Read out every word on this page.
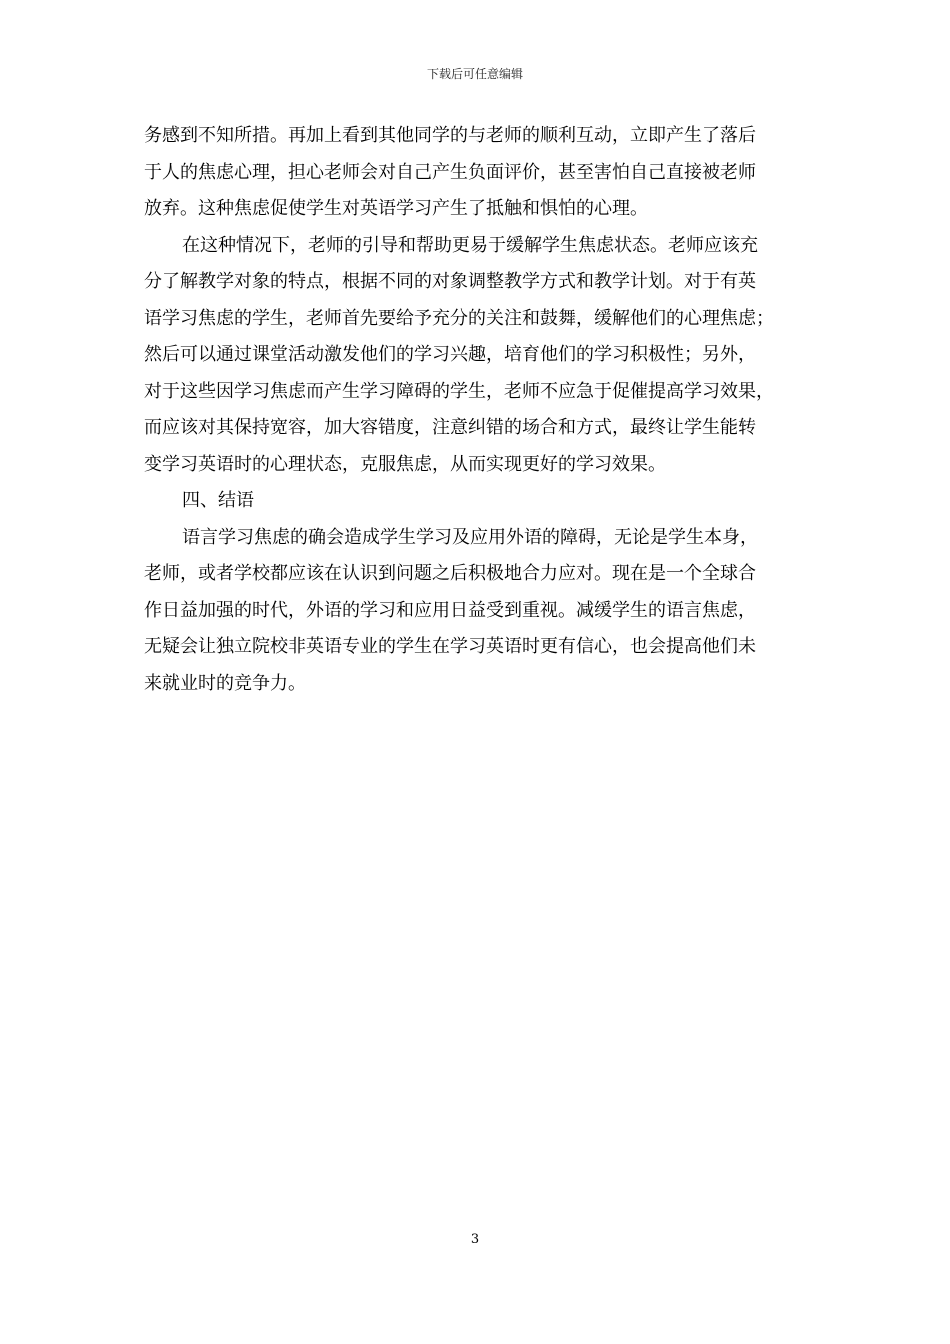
下载后可任意编辑
务感到不知所措。再加上看到其他同学的与老师的顺利互动，立即产生了落后
于人的焦虑心理，担心老师会对自己产生负面评价，甚至害怕自己直接被老师
放弃。这种焦虑促使学生对英语学习产生了抵触和惧怕的心理。
在这种情况下，老师的引导和帮助更易于缓解学生焦虑状态。老师应该充
分了解教学对象的特点，根据不同的对象调整教学方式和教学计划。对于有英
语学习焦虑的学生，老师首先要给予充分的关注和鼓舞，缓解他们的心理焦虑；
然后可以通过课堂活动激发他们的学习兴趣，培育他们的学习积极性；另外，
对于这些因学习焦虑而产生学习障碍的学生，老师不应急于促催提高学习效果，
而应该对其保持宽容，加大容错度，注意纠错的场合和方式，最终让学生能转
变学习英语时的心理状态，克服焦虑，从而实现更好的学习效果。
四、结语
语言学习焦虑的确会造成学生学习及应用外语的障碍，无论是学生本身，
老师，或者学校都应该在认识到问题之后积极地合力应对。现在是一个全球合
作日益加强的时代，外语的学习和应用日益受到重视。减缓学生的语言焦虑，
无疑会让独立院校非英语专业的学生在学习英语时更有信心，也会提高他们未
来就业时的竞争力。
3
